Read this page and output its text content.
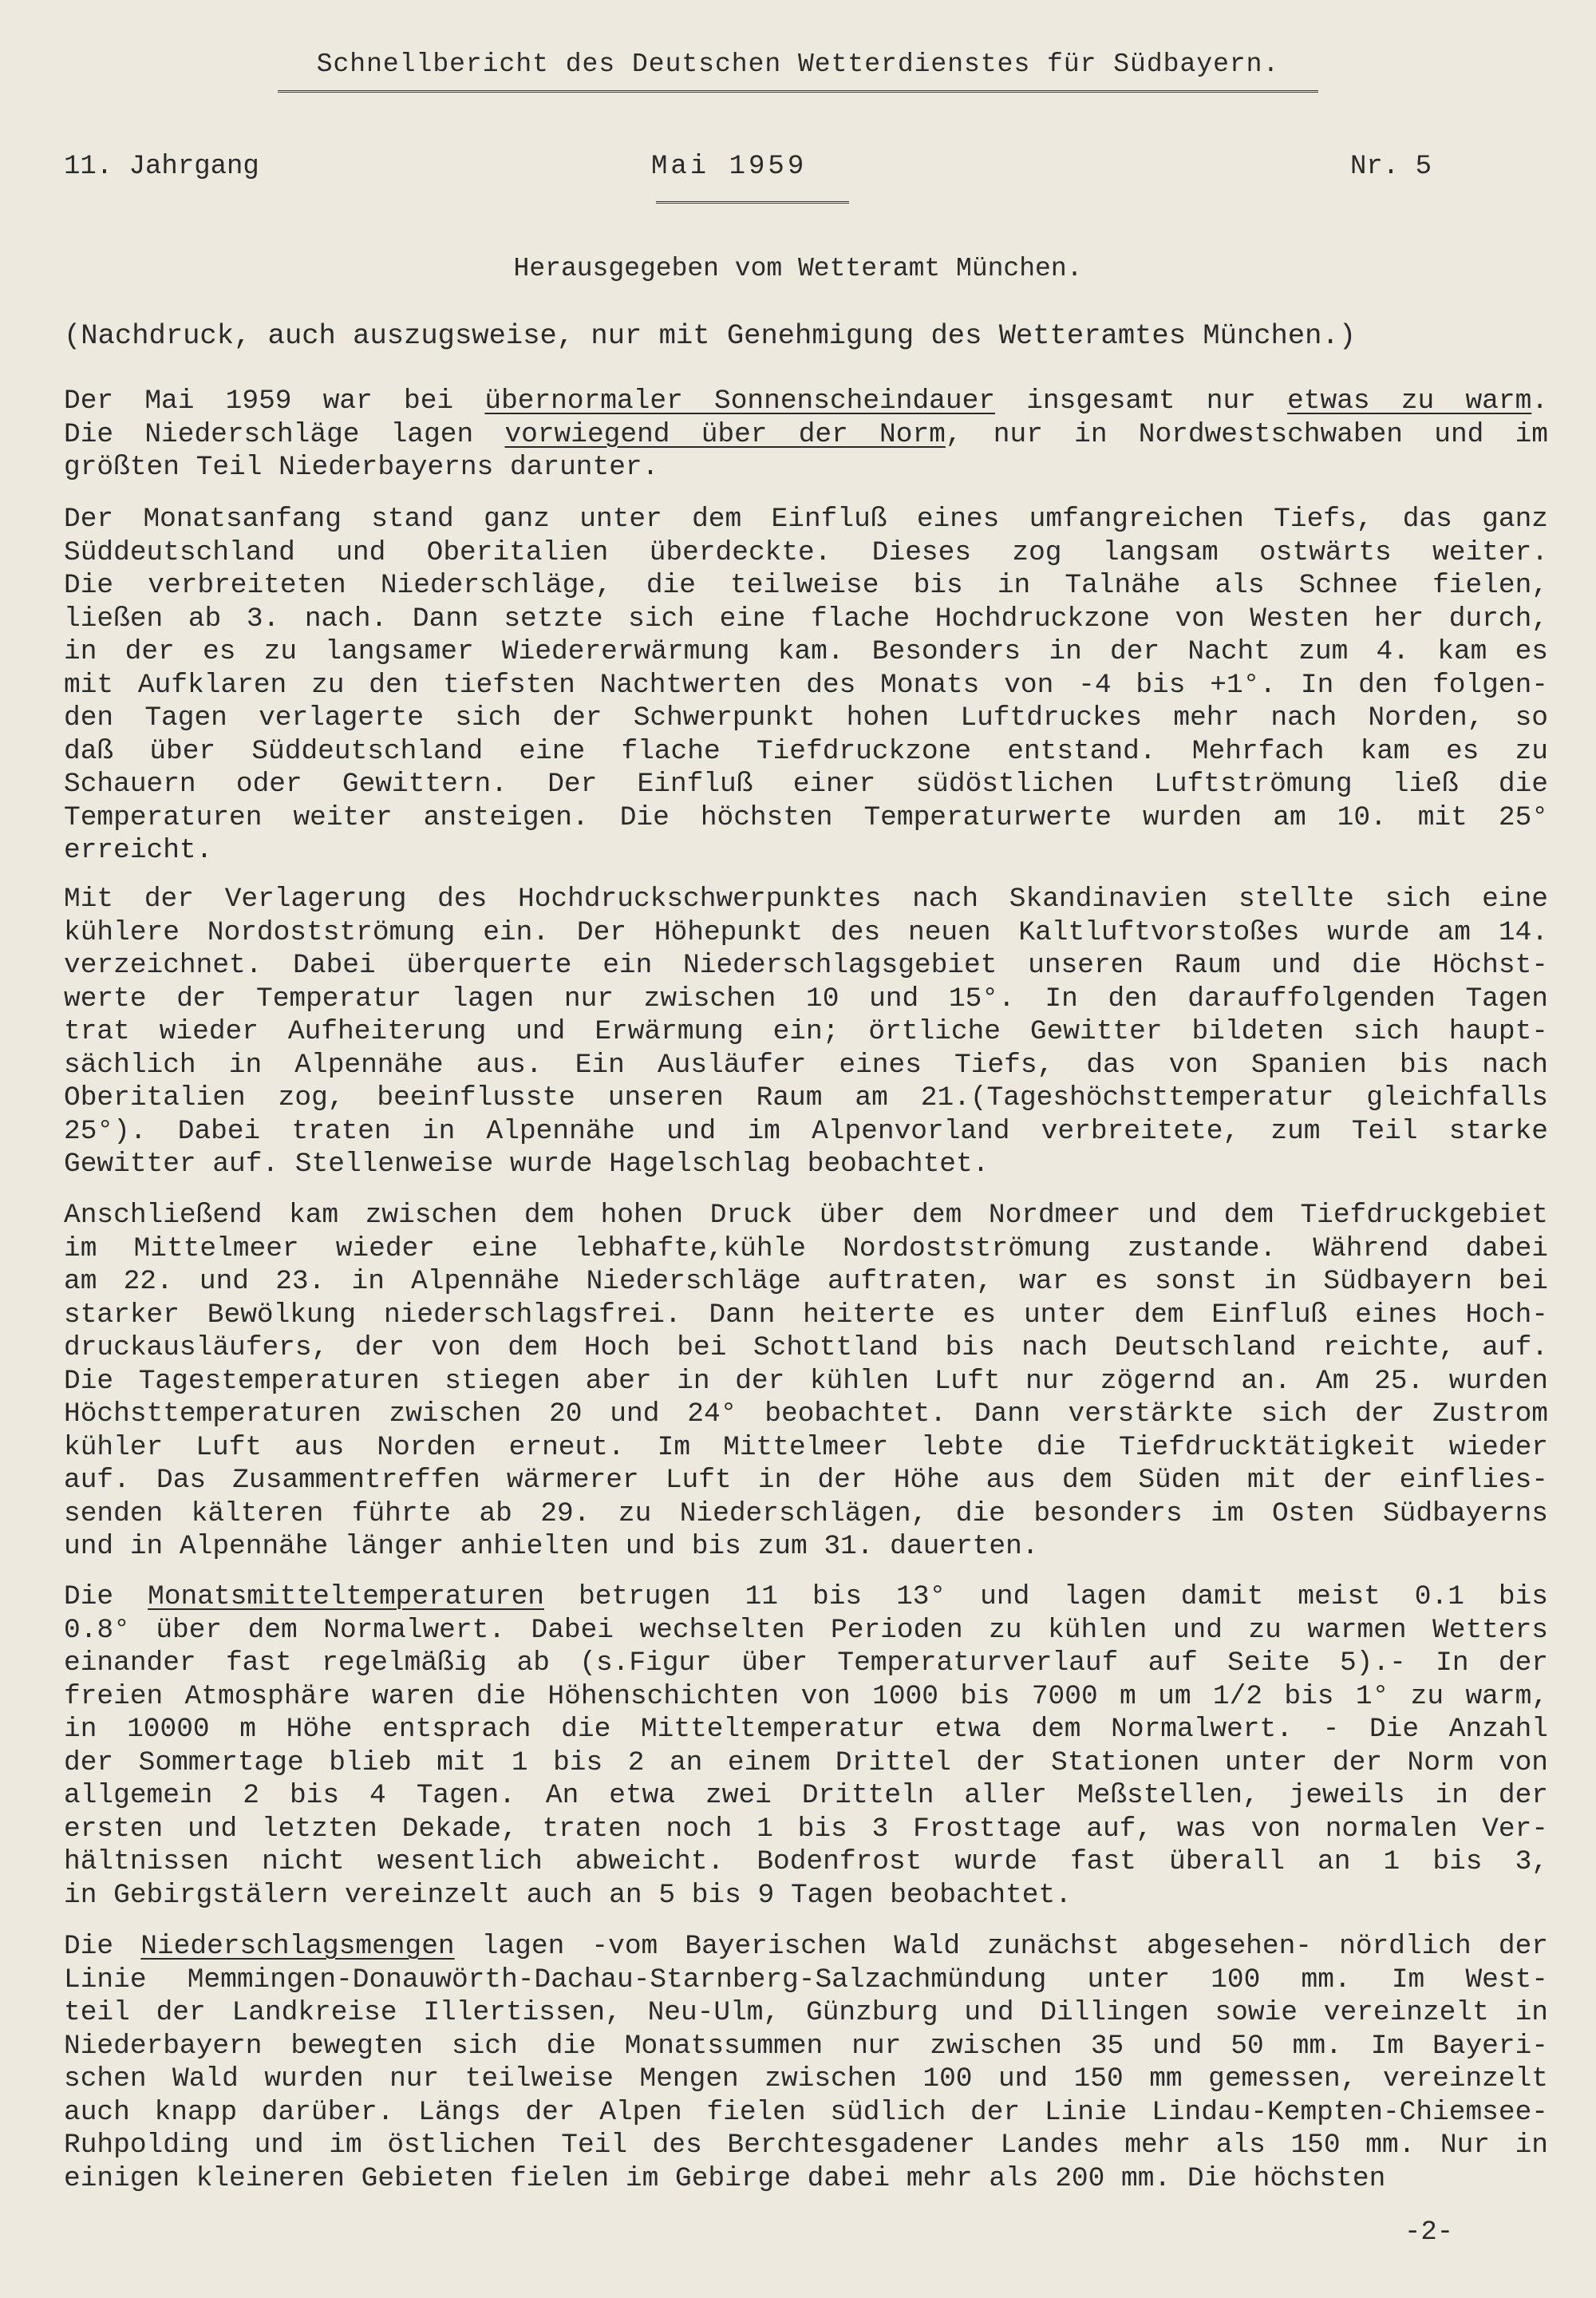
Schnellbericht des Deutschen Wetterdienstes für Südbayern.
11. Jahrgang	Mai 1959	Nr. 5
Herausgegeben vom Wetteramt München.
(Nachdruck, auch auszugsweise, nur mit Genehmigung des Wetteramtes München.)
Der Mai 1959 war bei übernormaler Sonnenscheindauer insgesamt nur etwas zu warm.
Die Niederschläge lagen vorwiegend über der Norm, nur in Nordwestschwaben und im
größten Teil Niederbayerns darunter.
Der Monatsanfang stand ganz unter dem Einfluß eines umfangreichen Tiefs, das ganz
Süddeutschland und Oberitalien überdeckte. Dieses zog langsam ostwärts weiter.
Die verbreiteten Niederschläge, die teilweise bis in Talnähe als Schnee fielen,
ließen ab 3. nach. Dann setzte sich eine flache Hochdruckzone von Westen her durch,
in der es zu langsamer Wiedererwärmung kam. Besonders in der Nacht zum 4. kam es
mit Aufklaren zu den tiefsten Nachtwerten des Monats von -4 bis +1°. In den folgen-
den Tagen verlagerte sich der Schwerpunkt hohen Luftdruckes mehr nach Norden, so
daß über Süddeutschland eine flache Tiefdruckzone entstand. Mehrfach kam es zu
Schauern oder Gewittern. Der Einfluß einer südöstlichen Luftströmung ließ die
Temperaturen weiter ansteigen. Die höchsten Temperaturwerte wurden am 10. mit 25°
erreicht.
Mit der Verlagerung des Hochdruckschwerpunktes nach Skandinavien stellte sich eine
kühlere Nordostströmung ein. Der Höhepunkt des neuen Kaltluftvorstoßes wurde am 14.
verzeichnet. Dabei überquerte ein Niederschlagsgebiet unseren Raum und die Höchst-
werte der Temperatur lagen nur zwischen 10 und 15°. In den darauffolgenden Tagen
trat wieder Aufheiterung und Erwärmung ein; örtliche Gewitter bildeten sich haupt-
sächlich in Alpennähe aus. Ein Ausläufer eines Tiefs, das von Spanien bis nach
Oberitalien zog, beeinflusste unseren Raum am 21.(Tageshöchsttemperatur gleichfalls
25°). Dabei traten in Alpennähe und im Alpenvorland verbreitete, zum Teil starke
Gewitter auf. Stellenweise wurde Hagelschlag beobachtet.
Anschließend kam zwischen dem hohen Druck über dem Nordmeer und dem Tiefdruckgebiet
im Mittelmeer wieder eine lebhafte,kühle Nordostströmung zustande. Während dabei
am 22. und 23. in Alpennähe Niederschläge auftraten, war es sonst in Südbayern bei
starker Bewölkung niederschlagsfrei. Dann heiterte es unter dem Einfluß eines Hoch-
druckausläufers, der von dem Hoch bei Schottland bis nach Deutschland reichte, auf.
Die Tagestemperaturen stiegen aber in der kühlen Luft nur zögernd an. Am 25. wurden
Höchsttemperaturen zwischen 20 und 24° beobachtet. Dann verstärkte sich der Zustrom
kühler Luft aus Norden erneut. Im Mittelmeer lebte die Tiefdrucktätigkeit wieder
auf. Das Zusammentreffen wärmerer Luft in der Höhe aus dem Süden mit der einflies-
senden kälteren führte ab 29. zu Niederschlägen, die besonders im Osten Südbayerns
und in Alpennähe länger anhielten und bis zum 31. dauerten.
Die Monatsmitteltemperaturen betrugen 11 bis 13° und lagen damit meist 0.1 bis
0.8° über dem Normalwert. Dabei wechselten Perioden zu kühlen und zu warmen Wetters
einander fast regelmäßig ab (s.Figur über Temperaturverlauf auf Seite 5).- In der
freien Atmosphäre waren die Höhenschichten von 1000 bis 7000 m um 1/2 bis 1° zu warm,
in 10000 m Höhe entsprach die Mitteltemperatur etwa dem Normalwert. - Die Anzahl
der Sommertage blieb mit 1 bis 2 an einem Drittel der Stationen unter der Norm von
allgemein 2 bis 4 Tagen. An etwa zwei Dritteln aller Meßstellen, jeweils in der
ersten und letzten Dekade, traten noch 1 bis 3 Frosttage auf, was von normalen Ver-
hältnissen nicht wesentlich abweicht. Bodenfrost wurde fast überall an 1 bis 3,
in Gebirgstälern vereinzelt auch an 5 bis 9 Tagen beobachtet.
Die Niederschlagsmengen lagen -vom Bayerischen Wald zunächst abgesehen- nördlich der
Linie Memmingen-Donauwörth-Dachau-Starnberg-Salzachmündung unter 100 mm. Im West-
teil der Landkreise Illertissen, Neu-Ulm, Günzburg und Dillingen sowie vereinzelt in
Niederbayern bewegten sich die Monatssummen nur zwischen 35 und 50 mm. Im Bayeri-
schen Wald wurden nur teilweise Mengen zwischen 100 und 150 mm gemessen, vereinzelt
auch knapp darüber. Längs der Alpen fielen südlich der Linie Lindau-Kempten-Chiemsee-
Ruhpolding und im östlichen Teil des Berchtesgadener Landes mehr als 150 mm. Nur in
einigen kleineren Gebieten fielen im Gebirge dabei mehr als 200 mm. Die höchsten
-2-
